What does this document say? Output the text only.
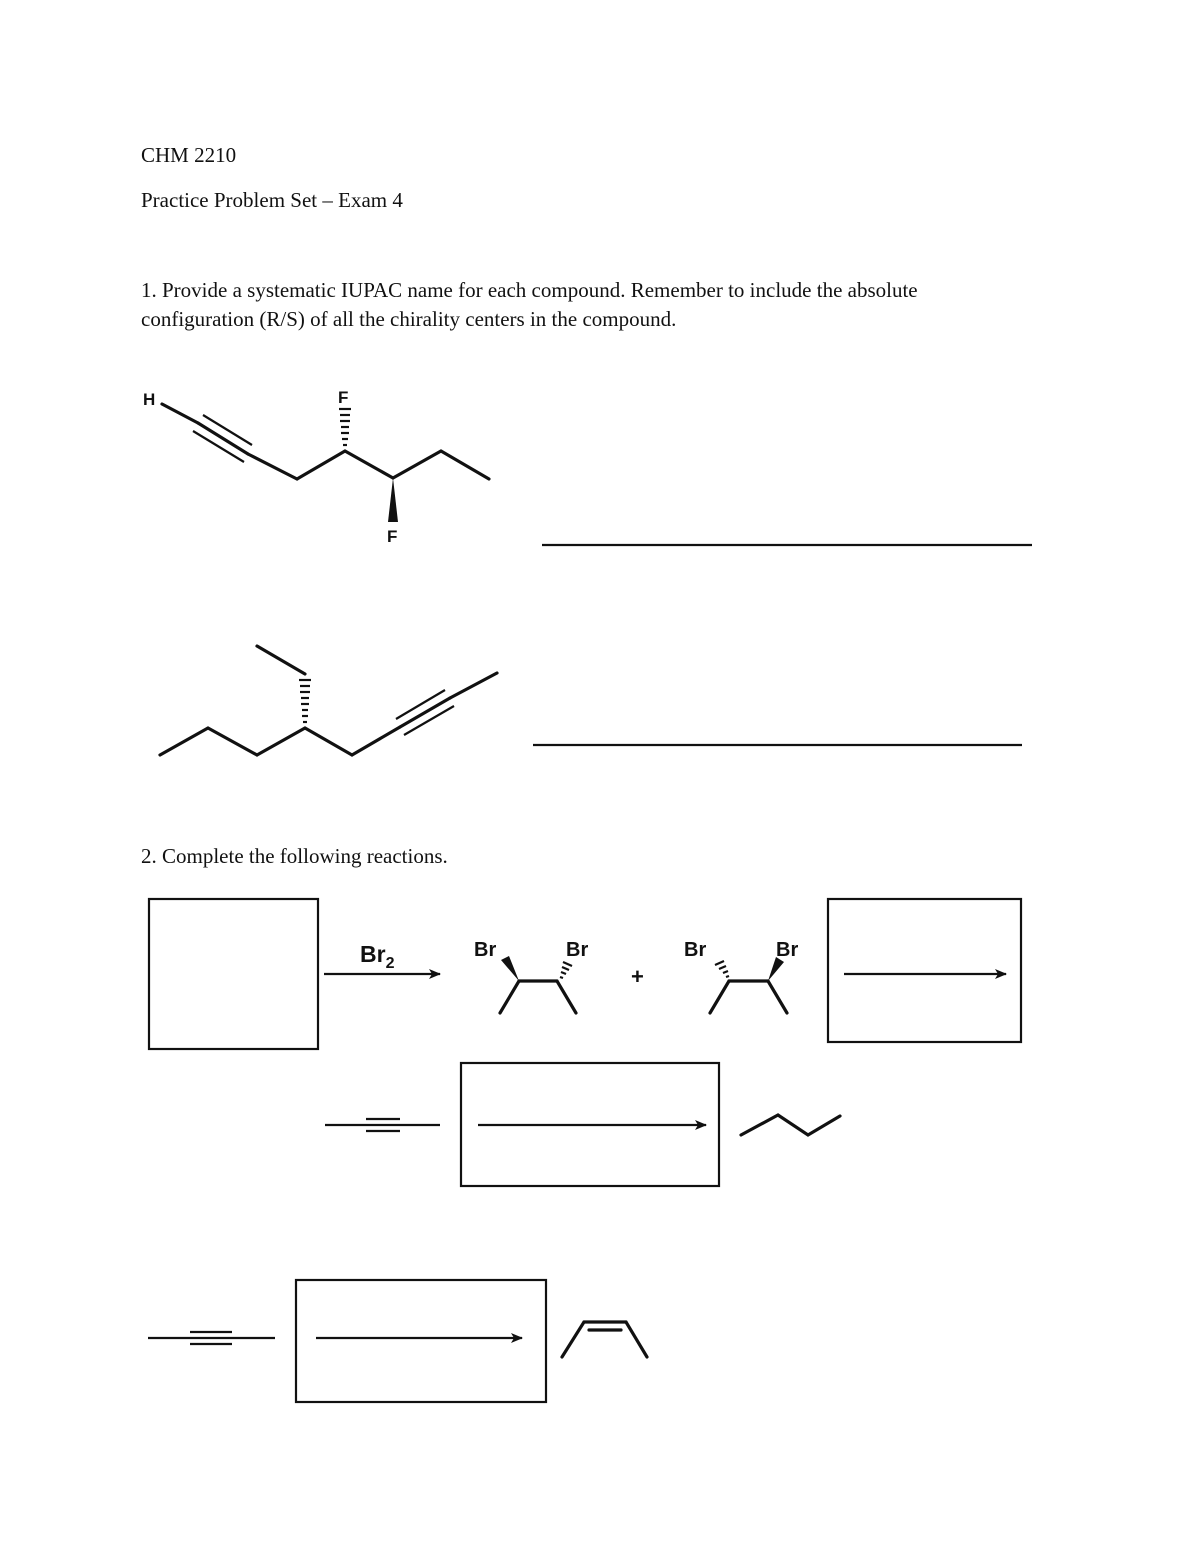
CHM 2210
Practice Problem Set – Exam 4
1. Provide a systematic IUPAC name for each compound. Remember to include the absolute
configuration (R/S) of all the chirality centers in the compound.
2. Complete the following reactions.
H	F
F
$Br_2$
Br	Br
+
Br	Br
